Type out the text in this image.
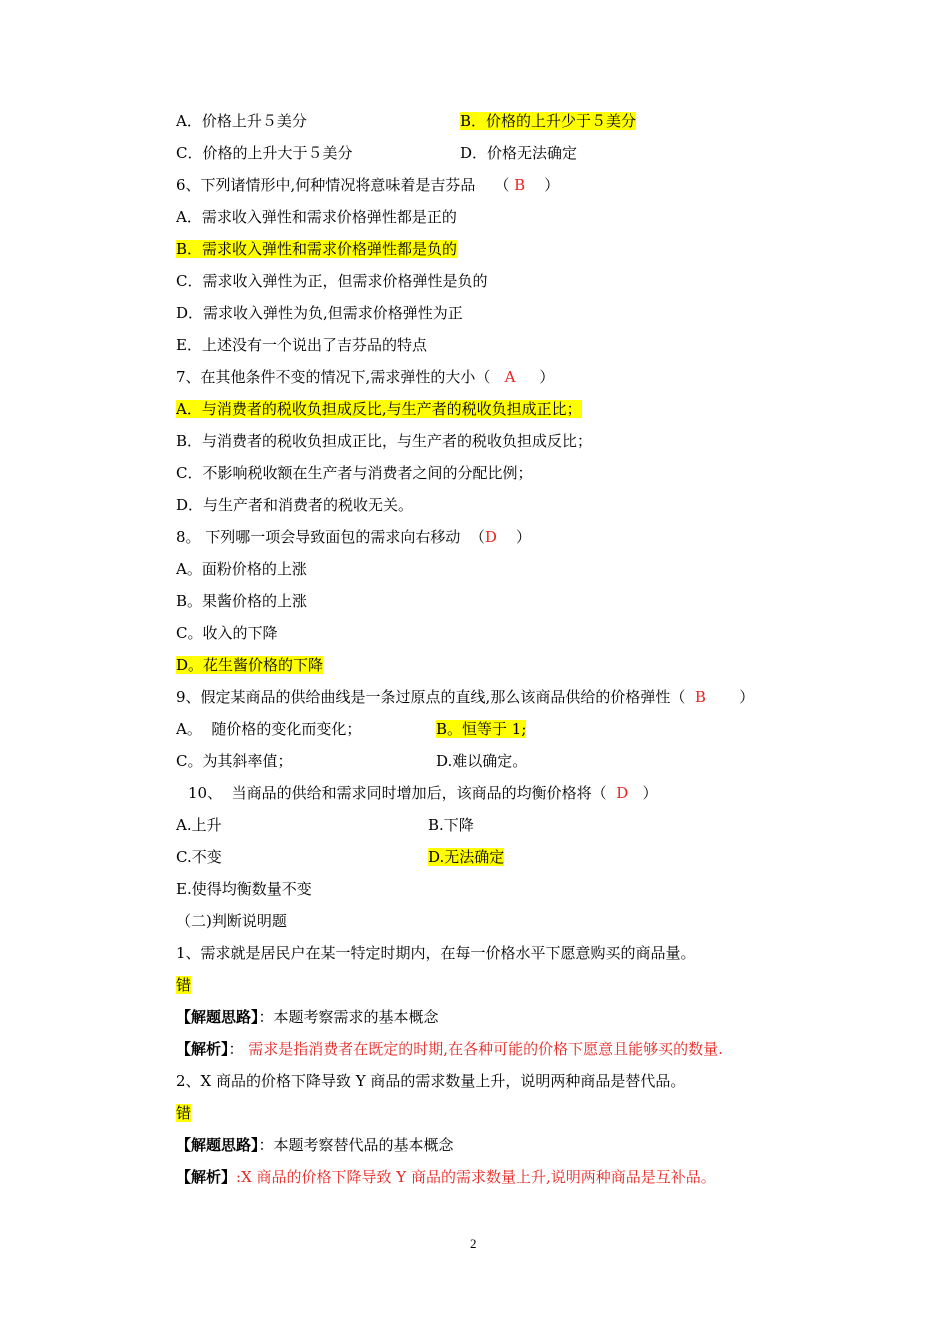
A．价格上升５美分	B．价格的上升少于５美分
C．价格的上升大于５美分	D．价格无法确定
6、下列诸情形中,何种情况将意味着是吉芬品    （ B    ）
A．需求收入弹性和需求价格弹性都是正的
B．需求收入弹性和需求价格弹性都是负的
C．需求收入弹性为正，但需求价格弹性是负的
D．需求收入弹性为负,但需求价格弹性为正
E．上述没有一个说出了吉芬品的特点
7、在其他条件不变的情况下,需求弹性的大小（   A     ）
A．与消费者的税收负担成反比,与生产者的税收负担成正比；
B．与消费者的税收负担成正比，与生产者的税收负担成反比；
C．不影响税收额在生产者与消费者之间的分配比例；
D．与生产者和消费者的税收无关。
8。 下列哪一项会导致面包的需求向右移动  （D    ）
A。面粉价格的上涨
B。果酱价格的上涨
C。收入的下降
D。花生酱价格的下降
9、假定某商品的供给曲线是一条过原点的直线,那么该商品供给的价格弹性（  B       ）
A。  随价格的变化而变化；	B。恒等于 1;
C。为其斜率值；	D.难以确定。
10、  当商品的供给和需求同时增加后，该商品的均衡价格将（  D   ）
A.上升	B.下降
C.不变	D.无法确定
E.使得均衡数量不变
（二)判断说明题
1、需求就是居民户在某一特定时期内，在每一价格水平下愿意购买的商品量。
错
【解题思路】：本题考察需求的基本概念
【解析】： 需求是指消费者在既定的时期,在各种可能的价格下愿意且能够买的数量.
2、X 商品的价格下降导致 Y 商品的需求数量上升，说明两种商品是替代品。
错
【解题思路】：本题考察替代品的基本概念
【解析】:X 商品的价格下降导致 Y 商品的需求数量上升,说明两种商品是互补品。
2
